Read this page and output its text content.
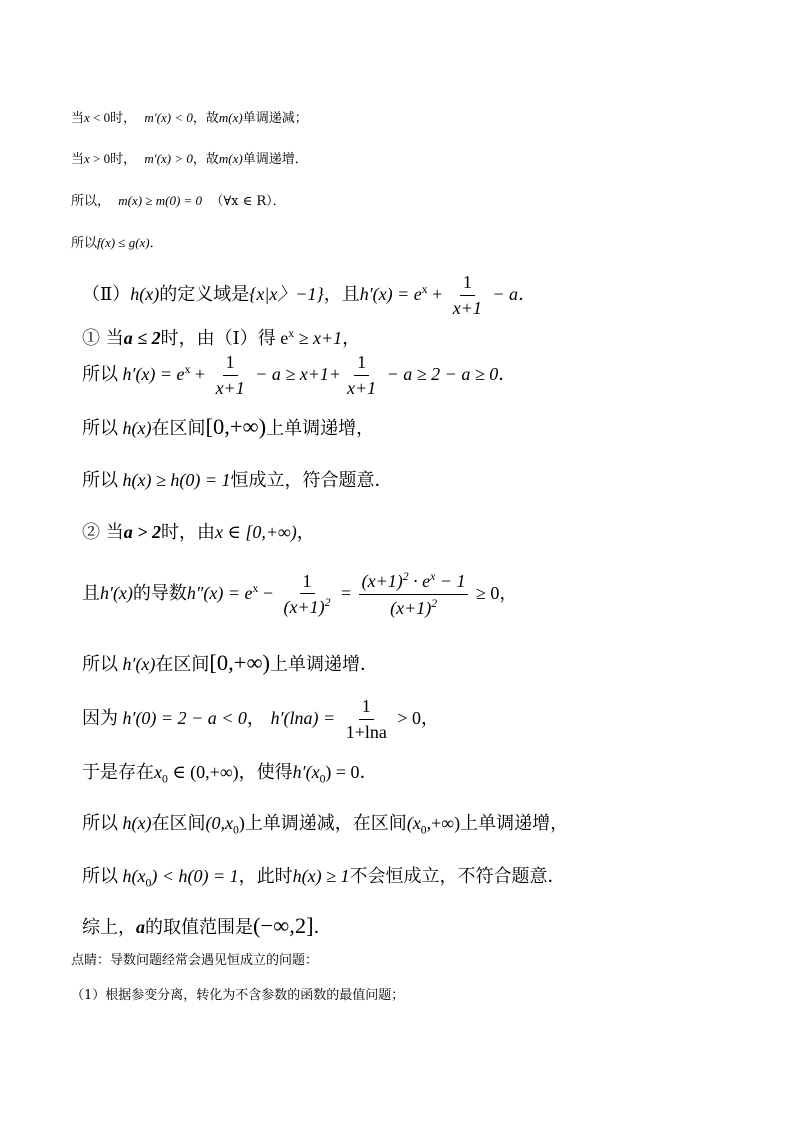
当x < 0时， m′(x) < 0，故m(x)单调递减；
当x > 0时， m′(x) > 0，故m(x)单调递增．
所以， m(x) ≥ m(0) = 0 （∀x ∈ R）．
所以f(x) ≤ g(x)．
（Ⅱ）h(x)的定义域是{x|x〉−1}，且$h'(x) = e^x + \frac{1}{x+1} - a$．
① 当a ≤ 2时，由（Ⅰ）得 $e^x \ge x+1$，
所以 $h'(x) = e^x + \frac{1}{x+1} - a \ge x+1+ \frac{1}{x+1} - a \ge 2 - a \ge 0$．
所以 h(x)在区间[0,+∞)上单调递增，
所以 h(x) ≥ h(0) = 1恒成立，符合题意．
② 当a > 2时，由x ∈ [0,+∞)，
且h′(x)的导数$h''(x) = e^x - \frac{1}{(x+1)^2} = \frac{(x+1)^2 \cdot e^x - 1}{(x+1)^2} \ge 0$，
所以 h′(x)在区间[0,+∞)上单调递增．
因为 h′(0) = 2 − a < 0， $h'(\ln a) = \frac{1}{1+\ln a} > 0$，
于是存在$x_0$ ∈ (0,+∞)，使得$h'(x_0) = 0$．
所以 h(x)在区间$(0,x_0)$上单调递减，在区间$(x_0,+\infty)$上单调递增，
所以 $h(x_0) < h(0) = 1$，此时h(x) ≥ 1不会恒成立，不符合题意．
综上，a的取值范围是(−∞,2]．
点睛：导数问题经常会遇见恒成立的问题：
（1）根据参变分离，转化为不含参数的函数的最值问题；
